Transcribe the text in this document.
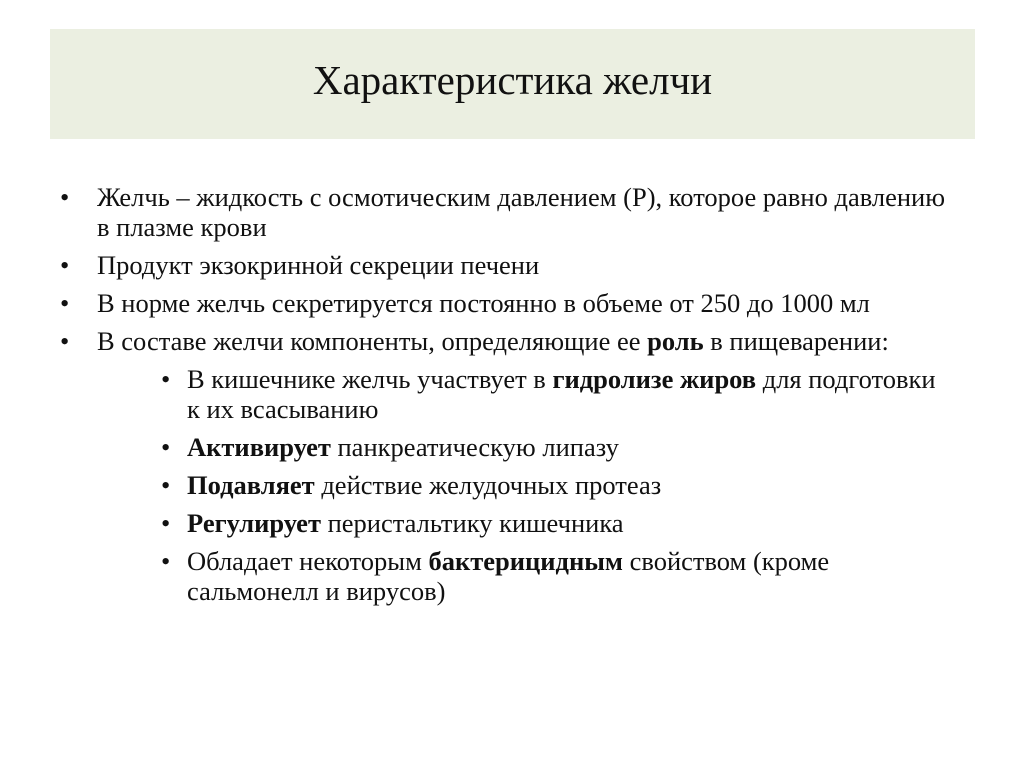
Характеристика желчи
• Желчь – жидкость с осмотическим давлением (Р), которое равно давлению в плазме крови
• Продукт экзокринной секреции печени
• В норме желчь секретируется постоянно в объеме от 250 до 1000 мл
• В составе желчи компоненты, определяющие ее роль в пищеварении:
• В кишечнике желчь участвует в гидролизе жиров для подготовки к их всасыванию
• Активирует панкреатическую липазу
• Подавляет действие желудочных протеаз
• Регулирует перистальтику кишечника
• Обладает некоторым бактерицидным свойством (кроме сальмонелл и вирусов)
